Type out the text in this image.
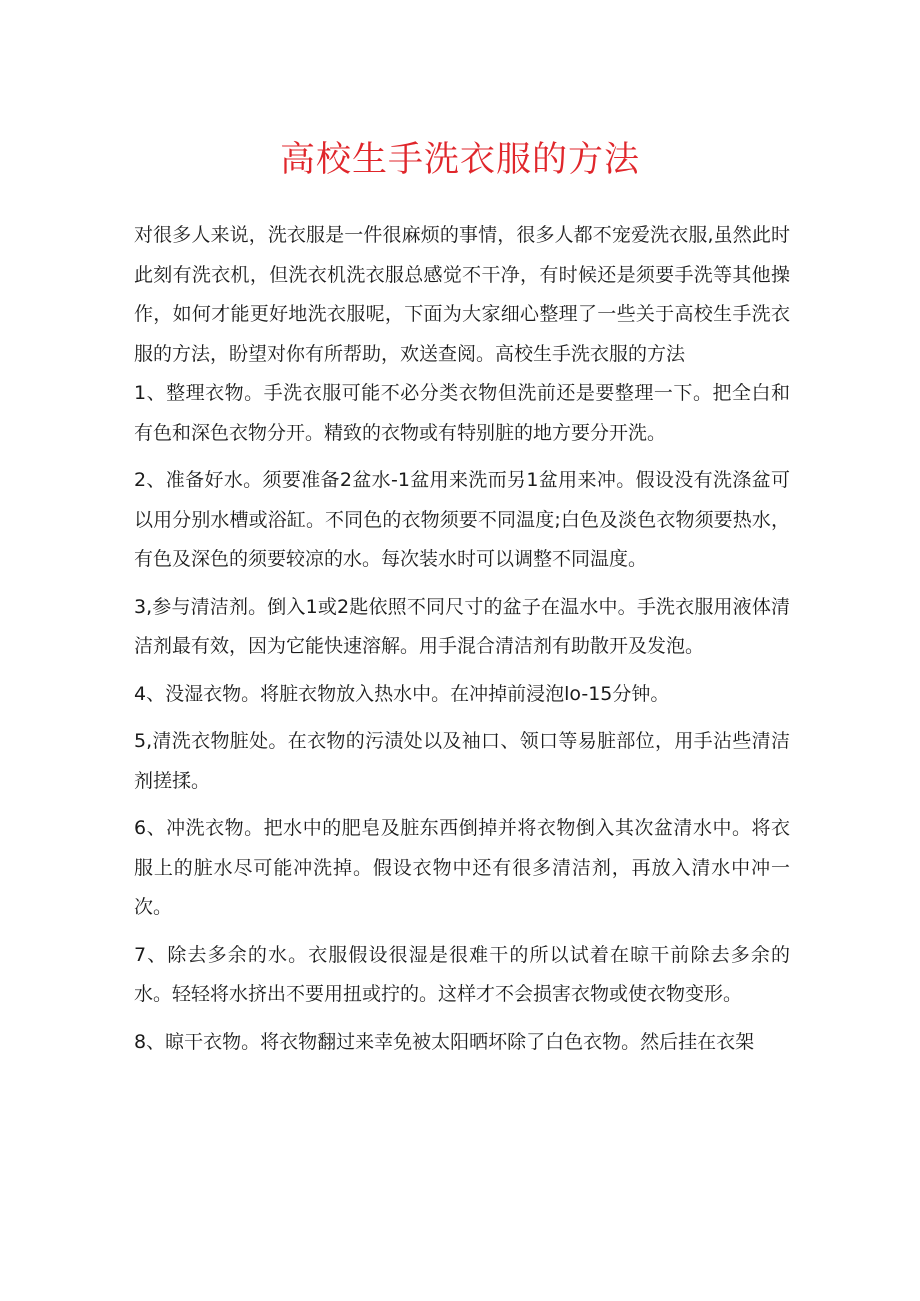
高校生手洗衣服的方法

对很多人来说，洗衣服是一件很麻烦的事情，很多人都不宠爱洗衣服,虽然此时此刻有洗衣机，但洗衣机洗衣服总感觉不干净，有时候还是须要手洗等其他操作，如何才能更好地洗衣服呢，下面为大家细心整理了一些关于高校生手洗衣服的方法，盼望对你有所帮助，欢送查阅。高校生手洗衣服的方法

1、整理衣物。手洗衣服可能不必分类衣物但洗前还是要整理一下。把全白和有色和深色衣物分开。精致的衣物或有特别脏的地方要分开洗。

2、准备好水。须要准备2盆水-1盆用来洗而另1盆用来冲。假设没有洗涤盆可以用分别水槽或浴缸。不同色的衣物须要不同温度;白色及淡色衣物须要热水，有色及深色的须要较凉的水。每次装水时可以调整不同温度。

3,参与清洁剂。倒入1或2匙依照不同尺寸的盆子在温水中。手洗衣服用液体清洁剂最有效，因为它能快速溶解。用手混合清洁剂有助散开及发泡。

4、没湿衣物。将脏衣物放入热水中。在冲掉前浸泡lo-15分钟。

5,清洗衣物脏处。在衣物的污渍处以及袖口、领口等易脏部位，用手沾些清洁剂搓揉。

6、冲洗衣物。把水中的肥皂及脏东西倒掉并将衣物倒入其次盆清水中。将衣服上的脏水尽可能冲洗掉。假设衣物中还有很多清洁剂，再放入清水中冲一次。

7、除去多余的水。衣服假设很湿是很难干的所以试着在晾干前除去多余的水。轻轻将水挤出不要用扭或拧的。这样才不会损害衣物或使衣物变形。

8、晾干衣物。将衣物翻过来幸免被太阳晒坏除了白色衣物。然后挂在衣架
